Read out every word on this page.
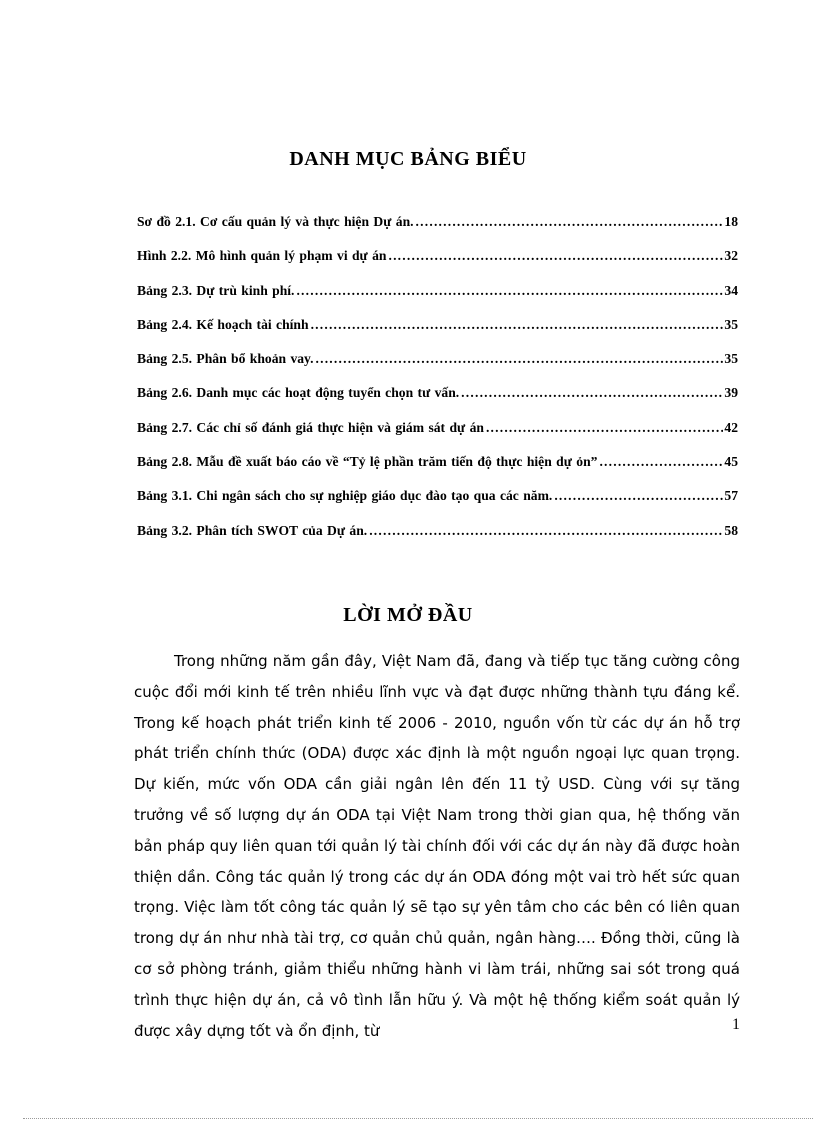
DANH MỤC BẢNG BIỂU
Sơ đồ 2.1. Cơ cấu quản lý và thực hiện Dự án. .....	18
Hình 2.2. Mô hình quản lý phạm vi dự án .....	32
Bảng 2.3. Dự trù kinh phí. .....	34
Bảng 2.4. Kế hoạch tài chính .....	35
Bảng 2.5. Phân bổ khoản vay. .....	35
Bảng 2.6. Danh mục các hoạt động tuyển chọn tư vấn. .....	39
Bảng 2.7. Các chỉ số đánh giá thực hiện và giám sát dự án .....	42
Bảng 2.8. Mẫu đề xuất báo cáo về “Tỷ lệ phần trăm tiến độ thực hiện dự ỏn” .....	45
Bảng 3.1. Chi ngân sách cho sự nghiệp giáo dục đào tạo qua các năm. .....	57
Bảng 3.2. Phân tích SWOT của Dự án. .....	58
LỜI MỞ ĐẦU

Trong những năm gần đây, Việt Nam đã, đang và tiếp tục tăng cường công cuộc đổi mới kinh tế trên nhiều lĩnh vực và đạt được những thành tựu đáng kể. Trong kế hoạch phát triển kinh tế 2006 - 2010, nguồn vốn từ các dự án hỗ trợ phát triển chính thức (ODA) được xác định là một nguồn ngoại lực quan trọng. Dự kiến, mức vốn ODA cần giải ngân lên đến 11 tỷ USD. Cùng với sự tăng trưởng về số lượng dự án ODA tại Việt Nam trong thời gian qua, hệ thống văn bản pháp quy liên quan tới quản lý tài chính đối với các dự án này đã được hoàn thiện dần. Công tác quản lý trong các dự án ODA đóng một vai trò hết sức quan trọng. Việc làm tốt công tác quản lý sẽ tạo sự yên tâm cho các bên có liên quan trong dự án như nhà tài trợ, cơ quản chủ quản, ngân hàng…. Đồng thời, cũng là cơ sở phòng tránh, giảm thiểu những hành vi làm trái, những sai sót trong quá trình thực hiện dự án, cả vô tình lẫn hữu ý. Và một hệ thống kiểm soát quản lý được xây dựng tốt và ổn định, từ	1
